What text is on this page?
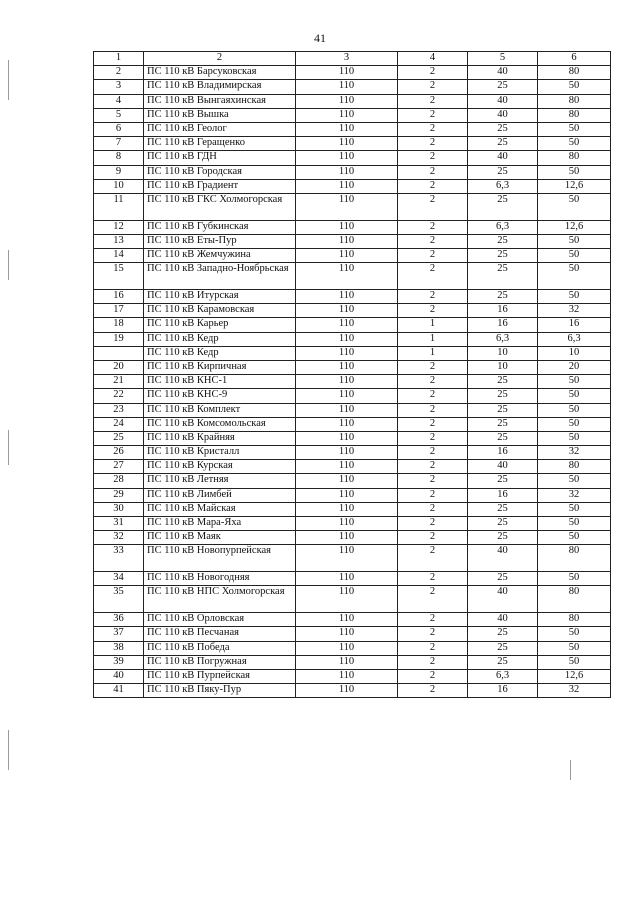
41
1	2	3	4	5	6
2	ПС 110 кВ Барсуковская	110	2	40	80
3	ПС 110 кВ Владимирская	110	2	25	50
4	ПС 110 кВ Вынгаяхинская	110	2	40	80
5	ПС 110 кВ Вышка	110	2	40	80
6	ПС 110 кВ Геолог	110	2	25	50
7	ПС 110 кВ Геращенко	110	2	25	50
8	ПС 110 кВ ГДН	110	2	40	80
9	ПС 110 кВ Городская	110	2	25	50
10	ПС 110 кВ Градиент	110	2	6,3	12,6
11	ПС 110 кВ ГКС Холмогорская	110	2	25	50
12	ПС 110 кВ Губкинская	110	2	6,3	12,6
13	ПС 110 кВ Еты-Пур	110	2	25	50
14	ПС 110 кВ Жемчужина	110	2	25	50
15	ПС 110 кВ Западно-Ноябрьская	110	2	25	50
16	ПС 110 кВ Итурская	110	2	25	50
17	ПС 110 кВ Карамовская	110	2	16	32
18	ПС 110 кВ Карьер	110	1	16	16
19	ПС 110 кВ Кедр	110	1	6,3	6,3
	ПС 110 кВ Кедр	110	1	10	10
20	ПС 110 кВ Кирпичная	110	2	10	20
21	ПС 110 кВ КНС-1	110	2	25	50
22	ПС 110 кВ КНС-9	110	2	25	50
23	ПС 110 кВ Комплект	110	2	25	50
24	ПС 110 кВ Комсомольская	110	2	25	50
25	ПС 110 кВ Крайняя	110	2	25	50
26	ПС 110 кВ Кристалл	110	2	16	32
27	ПС 110 кВ Курская	110	2	40	80
28	ПС 110 кВ Летняя	110	2	25	50
29	ПС 110 кВ Лимбей	110	2	16	32
30	ПС 110 кВ Майская	110	2	25	50
31	ПС 110 кВ Мара-Яха	110	2	25	50
32	ПС 110 кВ Маяк	110	2	25	50
33	ПС 110 кВ Новопурпейская	110	2	40	80
34	ПС 110 кВ Новогодняя	110	2	25	50
35	ПС 110 кВ НПС Холмогорская	110	2	40	80
36	ПС 110 кВ Орловская	110	2	40	80
37	ПС 110 кВ Песчаная	110	2	25	50
38	ПС 110 кВ Победа	110	2	25	50
39	ПС 110 кВ Погружная	110	2	25	50
40	ПС 110 кВ Пурпейская	110	2	6,3	12,6
41	ПС 110 кВ Пяку-Пур	110	2	16	32
